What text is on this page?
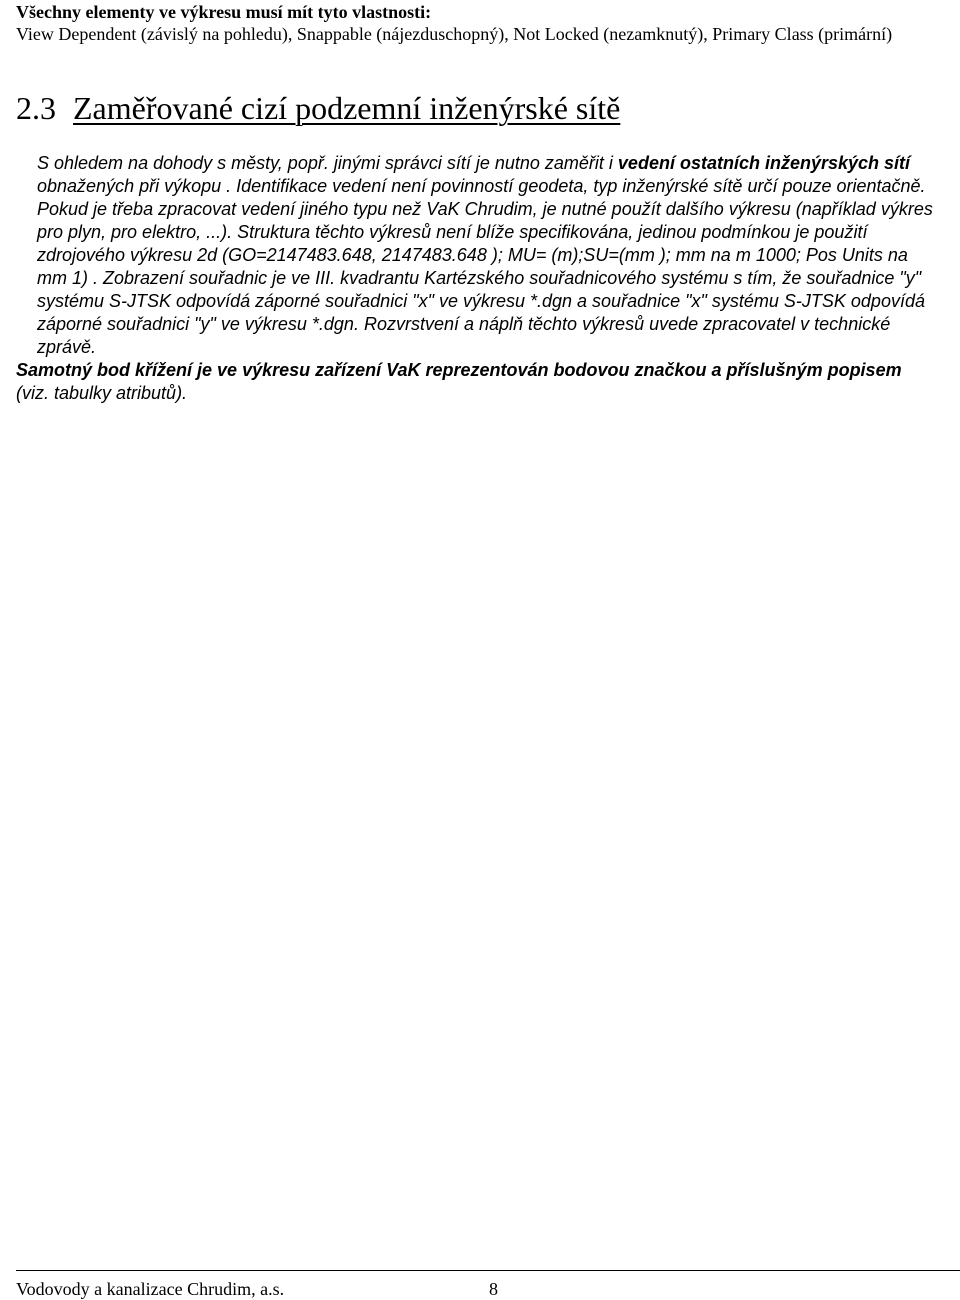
Všechny elementy ve výkresu musí mít tyto vlastnosti:
View Dependent (závislý na pohledu), Snappable (nájezduschopný), Not Locked (nezamknutý), Primary Class (primární)
2.3 Zaměřované cizí podzemní inženýrské sítě

S ohledem na dohody s městy, popř. jinými správci sítí je nutno zaměřit i vedení ostatních inženýrských sítí obnažených při výkopu . Identifikace vedení není povinností geodeta, typ inženýrské sítě určí pouze orientačně.

Pokud je třeba zpracovat vedení jiného typu než VaK Chrudim, je nutné použít dalšího výkresu (například výkres pro plyn, pro elektro, ...). Struktura těchto výkresů není blíže specifikována, jedinou podmínkou je použití zdrojového výkresu 2d (GO=2147483.648, 2147483.648 ); MU= (m);SU=(mm ); mm na m 1000; Pos Units na mm 1) . Zobrazení souřadnic je ve III. kvadrantu Kartézského souřadnicového systému s tím, že souřadnice "y" systému S-JTSK odpovídá záporné souřadnici "x" ve výkresu *.dgn a souřadnice "x" systému S-JTSK odpovídá záporné souřadnici "y" ve výkresu *.dgn. Rozvrstvení a náplň těchto výkresů uvede zpracovatel v technické zprávě.

Samotný bod křížení je ve výkresu zařízení VaK reprezentován bodovou značkou a příslušným popisem (viz. tabulky atributů).

Vodovody a kanalizace Chrudim, a.s.	8
